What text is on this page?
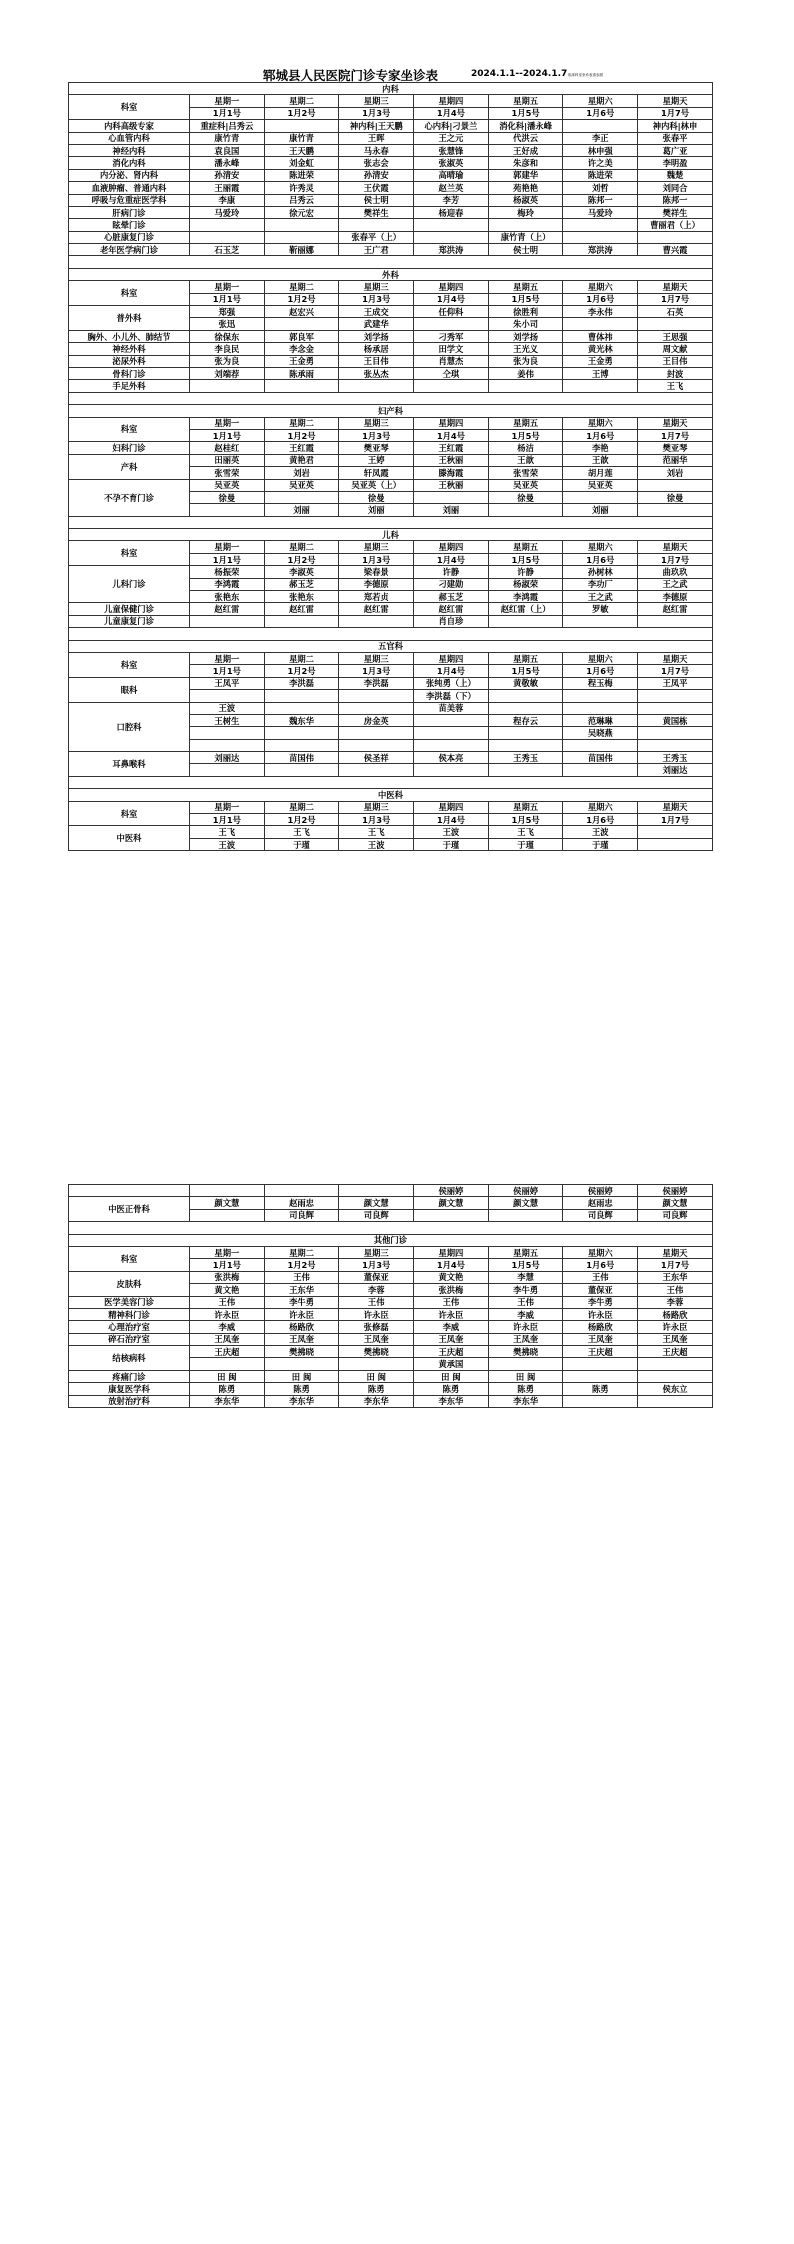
郓城县人民医院门诊专家坐诊表	2024.1.1--2024.1.7 临床科室坐诊表请参照
内科							
科室	星期一	星期二	星期三	星期四	星期五	星期六	星期天
	1月1号	1月2号	1月3号	1月4号	1月5号	1月6号	1月7号
内科高级专家	重症科|吕秀云		神内科|王天鹏	心内科|刁景兰	消化科|潘永峰		神内科|林申
心血管内科	康竹青	康竹青	王晖	王之元	代洪云	李正	张春平
神经内科	袁良国	王天鹏	马永春	张慧锋	王好成	林申强	葛广亚
消化内科	潘永峰	刘金虹	张志会	张淑英	朱彦和	许之美	李明盈
内分泌、肾内科	孙清安	陈进荣	孙清安	高晴瑜	郭建华	陈进荣	魏楚
血液肿瘤、普通内科	王丽霞	许秀灵	王伏霞	赵兰英	苑艳艳	刘哲	刘同合
呼吸与危重症医学科	李康	吕秀云	侯士明	李芳	杨淑英	陈邦一	陈邦一
肝病门诊	马爱玲	徐元宏	樊祥生	杨迎春	梅玲	马爱玲	樊祥生
眩晕门诊							曹丽君（上）
心脏康复门诊			张春平（上）		康竹青（上）		
老年医学病门诊	石玉芝	靳丽娜	王广君	郑洪涛	侯士明	郑洪涛	曹兴霞

外科							
科室	星期一	星期二	星期三	星期四	星期五	星期六	星期天
	1月1号	1月2号	1月3号	1月4号	1月5号	1月6号	1月7号
普外科	郑强	赵宏兴	王成交	任仰科	徐胜利	李永伟	石英
	张迅		武建华		朱小司		
胸外、小儿外、肺结节	徐保东	郭良军	刘学扬	刁秀军	刘学扬	曹体祎	王思强
神经外科	李良民	李念金	杨承居	田学文	王光义	黄光林	周文献
泌尿外科	张为良	王金勇	王目伟	肖慧杰	张为良	王金勇	王目伟
骨科门诊	刘端荐	陈承雨	张丛杰	仝琪	姜伟	王博	封波
手足外科							王飞

妇产科							
科室	星期一	星期二	星期三	星期四	星期五	星期六	星期天
	1月1号	1月2号	1月3号	1月4号	1月5号	1月6号	1月7号
妇科门诊	赵桂红	王红霞	樊亚琴	王红霞	杨洁	李艳	樊亚琴
产科	田丽英	黄艳君	王婷	王秋丽	王歆	王歆	范丽华
	张雪荣	刘岩	轩凤霞	滕海霞	张雪荣	胡月莲	刘岩
不孕不育门诊	吴亚英	吴亚英	吴亚英（上）	王秋丽	吴亚英	吴亚英	
	徐曼		徐曼		徐曼		徐曼
		刘丽	刘丽	刘丽		刘丽	

儿科							
科室	星期一	星期二	星期三	星期四	星期五	星期六	星期天
	1月1号	1月2号	1月3号	1月4号	1月5号	1月6号	1月7号
儿科门诊	杨振荣	李淑英	梁春景	许静	许静	孙树林	曲玖玖
	李鸿霞	郝玉芝	李德原	刁建勋	杨淑荣	李功厂	王之武
	张艳东	张艳东	郑若贞	郝玉芝	李鸿霞	王之武	李德原
儿童保健门诊	赵红雷	赵红雷	赵红雷	赵红雷	赵红雷（上）	罗敏	赵红雷
儿童康复门诊				肖自珍			

五官科							
科室	星期一	星期二	星期三	星期四	星期五	星期六	星期天
	1月1号	1月2号	1月3号	1月4号	1月5号	1月6号	1月7号
眼科	王凤平	李洪磊	李洪磊	张纯勇（上）	黄敬敏	程玉梅	王凤平
				李洪磊（下）			
口腔科	王波			苗美蓉			
	王树生	魏东华	房金英		程存云	范琳琳	黄国栋
						吴晓燕	

耳鼻喉科	刘丽达	苗国伟	侯圣祥	侯本亮	王秀玉	苗国伟	王秀玉
							刘丽达

中医科							
科室	星期一	星期二	星期三	星期四	星期五	星期六	星期天
	1月1号	1月2号	1月3号	1月4号	1月5号	1月6号	1月7号
中医科	王飞	王飞	王飞	王波	王飞	王波	
	王波	于瑾	王波	于瑾	于瑾	于瑾	
				侯丽婷	侯丽婷	侯丽婷	侯丽婷
中医正骨科	颜文慧	赵雨忠	颜文慧	颜文慧	颜文慧	赵雨忠	颜文慧
		司良辉	司良辉			司良辉	司良辉

其他门诊							
科室	星期一	星期二	星期三	星期四	星期五	星期六	星期天
	1月1号	1月2号	1月3号	1月4号	1月5号	1月6号	1月7号
皮肤科	张洪梅	王伟	董保亚	黄文艳	李慧	王伟	王东华
	黄文艳	王东华	李蓉	张洪梅	李牛勇	董保亚	王伟
医学美容门诊	王伟	李牛勇	王伟	王伟	王伟	李牛勇	李蓉
精神科门诊	许永臣	许永臣	许永臣	许永臣	李威	许永臣	杨路欣
心理治疗室	李威	杨路欣	张修磊	李威	许永臣	杨路欣	许永臣
碎石治疗室	王凤奎	王凤奎	王凤奎	王凤奎	王凤奎	王凤奎	王凤奎
结核病科	王庆超	樊拂晓	樊拂晓	王庆超	樊拂晓	王庆超	王庆超
				黄承国			
疼痛门诊	田 闽	田 闽	田 闽	田 闽	田 闽		
康复医学科	陈勇	陈勇	陈勇	陈勇	陈勇	陈勇	侯东立
放射治疗科	李东华	李东华	李东华	李东华	李东华		
